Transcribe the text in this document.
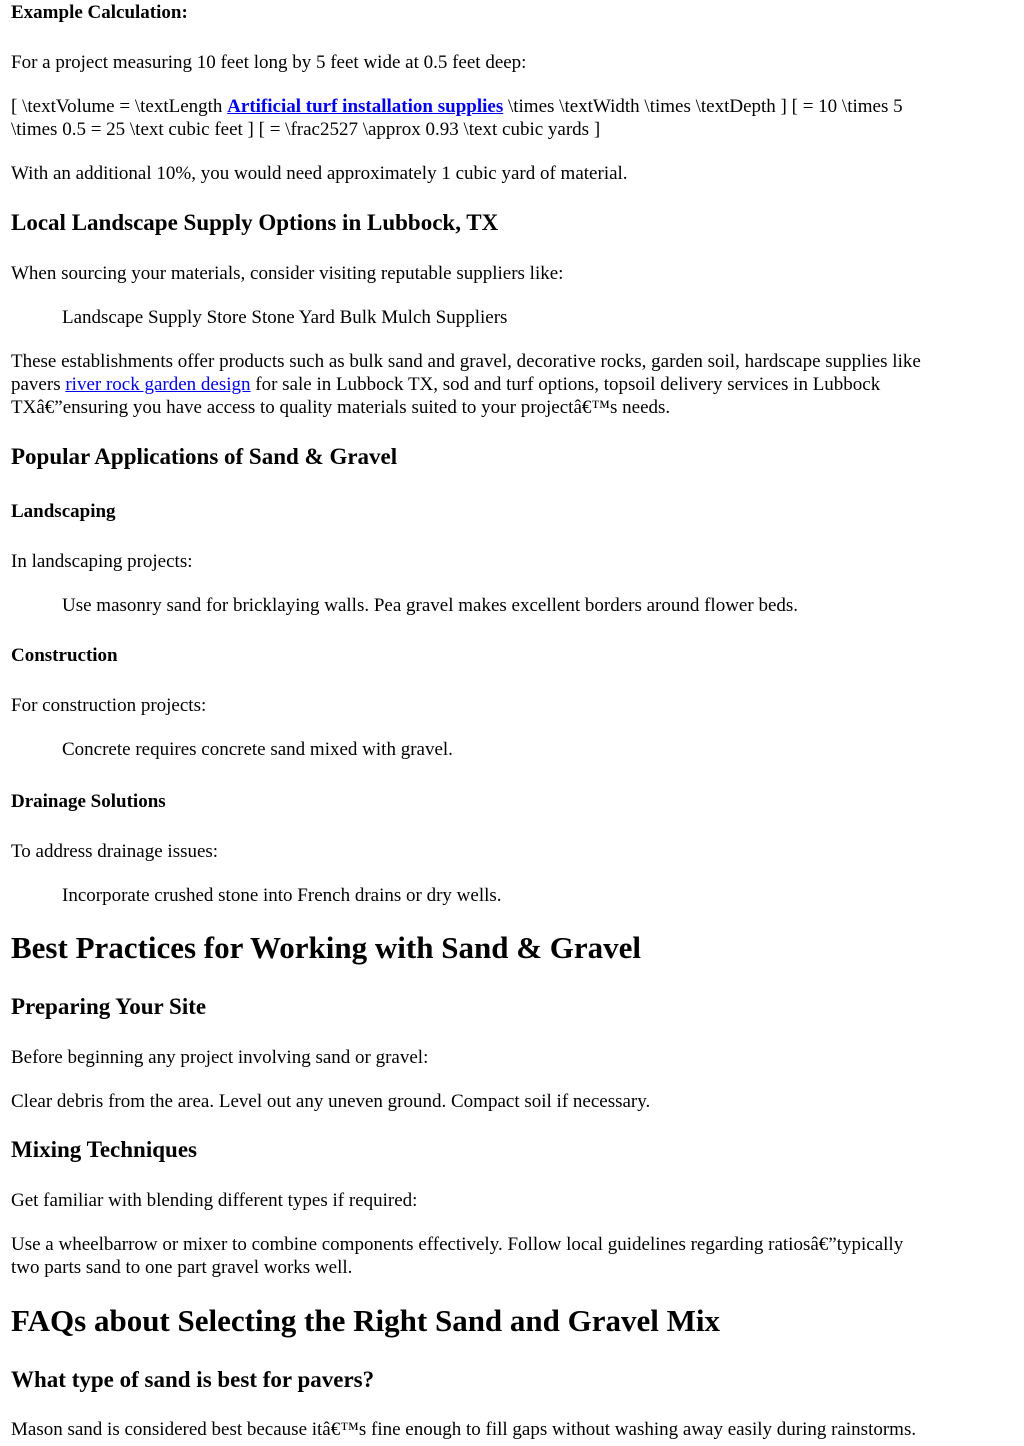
Example Calculation:
For a project measuring 10 feet long by 5 feet wide at 0.5 feet deep:
[ \textVolume = \textLength Artificial turf installation supplies \times \textWidth \times \textDepth ] [ = 10 \times 5
\times 0.5 = 25 \text cubic feet ] [ = \frac2527 \approx 0.93 \text cubic yards ]
With an additional 10%, you would need approximately 1 cubic yard of material.
Local Landscape Supply Options in Lubbock, TX
When sourcing your materials, consider visiting reputable suppliers like:
Landscape Supply Store Stone Yard Bulk Mulch Suppliers
These establishments offer products such as bulk sand and gravel, decorative rocks, garden soil, hardscape supplies like
pavers river rock garden design for sale in Lubbock TX, sod and turf options, topsoil delivery services in Lubbock
TXâ€”ensuring you have access to quality materials suited to your projectâ€™s needs.
Popular Applications of Sand & Gravel
Landscaping
In landscaping projects:
Use masonry sand for bricklaying walls. Pea gravel makes excellent borders around flower beds.
Construction
For construction projects:
Concrete requires concrete sand mixed with gravel.
Drainage Solutions
To address drainage issues:
Incorporate crushed stone into French drains or dry wells.
Best Practices for Working with Sand & Gravel
Preparing Your Site
Before beginning any project involving sand or gravel:
Clear debris from the area. Level out any uneven ground. Compact soil if necessary.
Mixing Techniques
Get familiar with blending different types if required:
Use a wheelbarrow or mixer to combine components effectively. Follow local guidelines regarding ratiosâ€”typically
two parts sand to one part gravel works well.
FAQs about Selecting the Right Sand and Gravel Mix
What type of sand is best for pavers?
Mason sand is considered best because itâ€™s fine enough to fill gaps without washing away easily during rainstorms.
